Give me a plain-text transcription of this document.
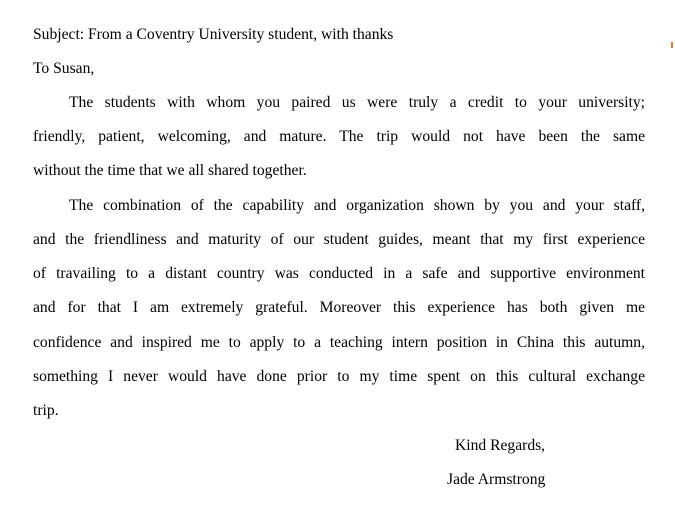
Subject: From a Coventry University student, with thanks
To Susan,
The students with whom you paired us were truly a credit to your university;
friendly, patient, welcoming, and mature. The trip would not have been the same
without the time that we all shared together.
The combination of the capability and organization shown by you and your staff,
and the friendliness and maturity of our student guides, meant that my first experience
of travailing to a distant country was conducted in a safe and supportive environment
and for that I am extremely grateful. Moreover this experience has both given me
confidence and inspired me to apply to a teaching intern position in China this autumn,
something I never would have done prior to my time spent on this cultural exchange
trip.
Kind Regards,
Jade Armstrong
